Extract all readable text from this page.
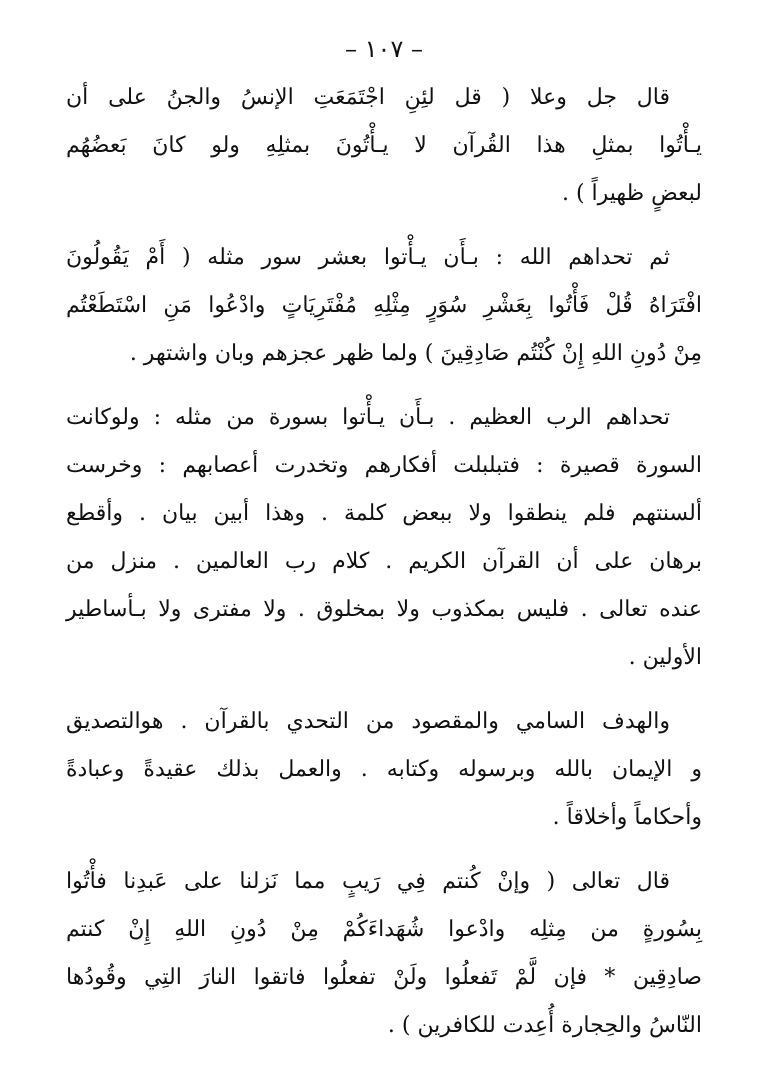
– ١٠٧ –

قال جل وعلا ( قل لئِنِ اجْتَمَعَتِ الإنسُ والجنُ على أن
يـأْتُوا بمثلِ هذا القُرآن لا يـأْتُونَ بمثلِهِ ولو كانَ بَعضُهُم
لبعضٍ ظهيراً ) .

ثم تحداهم الله : بـأَن يـأْتوا بعشر سور مثله ( أَمْ يَقُولُونَ
افْتَرَاهُ قُلْ فَأْتُوا بِعَشْرِ سُوَرٍ مِثْلِهِ مُفْتَرِيَاتٍ وادْعُوا مَنِ اسْتَطَعْتُم
مِنْ دُونِ اللهِ إِنْ كُنْتُم صَادِقِينَ ) ولما ظهر عجزهم وبان واشتهر .

تحداهم الرب العظيم . بـأَن يـأْتوا بسورة من مثله : ولوكانت
السورة قصيرة : فتبلبلت أفكارهم وتخدرت أعصابهم : وخرست
ألسنتهم فلم ينطقوا ولا ببعض كلمة . وهذا أبين بيان . وأقطع
برهان على أن القرآن الكريم . كلام رب العالمين . منزل من
عنده تعالى . فليس بمكذوب ولا بمخلوق . ولا مفترى ولا بـأساطير
الأولين .

والهدف السامي والمقصود من التحدي بالقرآن . هوالتصديق
و الإيمان بالله وبرسوله وكتابه . والعمل بذلك عقيدةً وعبادةً
وأحكاماً وأخلاقاً .

قال تعالى ( وإنْ كُنتم فِي رَيبٍ مما نَزلنا على عَبدِنا فأْتُوا
بِسُورةٍ من مِثلِه وادْعوا شُهَداءَكُمْ مِنْ دُونِ اللهِ إِنْ كنتم
صادِقِين * فإن لَّمْ تَفعلُوا ولَنْ تفعلُوا فاتقوا النارَ التِي وقُودُها
النّاسُ والحِجارة أُعِدت للكافرين ) .
